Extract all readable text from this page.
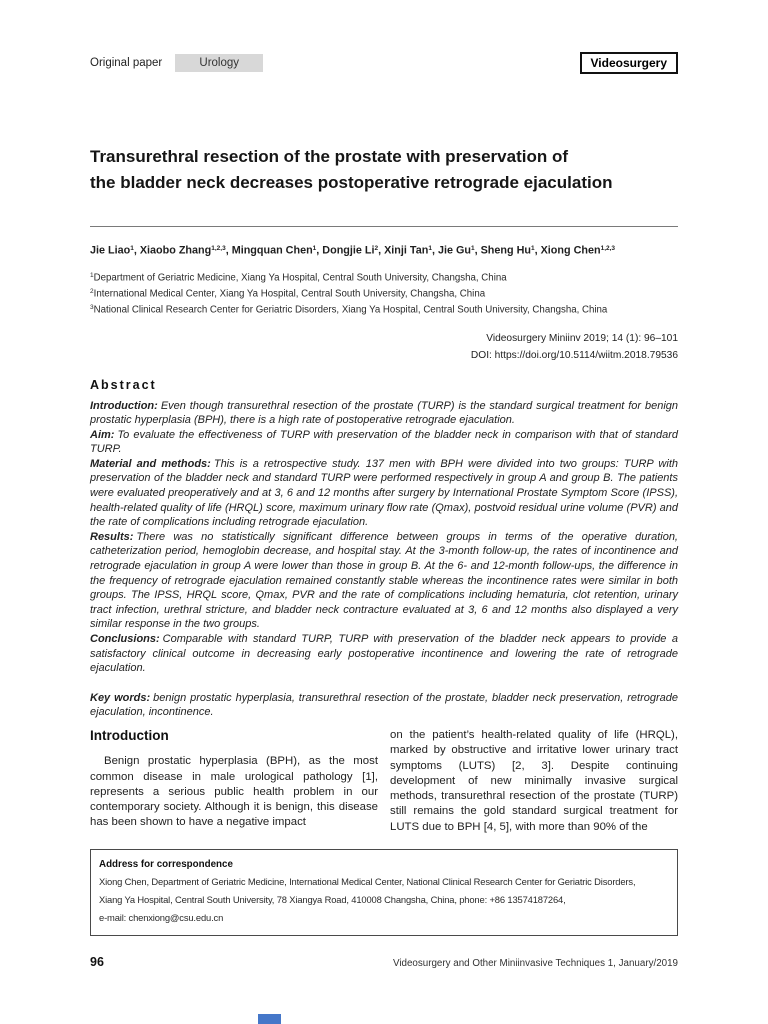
Original paper	Urology	Videosurgery
Transurethral resection of the prostate with preservation of
the bladder neck decreases postoperative retrograde ejaculation
Jie Liao$^1$, Xiaobo Zhang$^{1,2,3}$, Mingquan Chen$^1$, Dongjie Li$^2$, Xinji Tan$^1$, Jie Gu$^1$, Sheng Hu$^1$, Xiong Chen$^{1,2,3}$
$^1$Department of Geriatric Medicine, Xiang Ya Hospital, Central South University, Changsha, China
$^2$International Medical Center, Xiang Ya Hospital, Central South University, Changsha, China
$^3$National Clinical Research Center for Geriatric Disorders, Xiang Ya Hospital, Central South University, Changsha, China
Videosurgery Miniinv 2019; 14 (1): 96–101
DOI: https://doi.org/10.5114/wiitm.2018.79536
Abstract

Introduction: Even though transurethral resection of the prostate (TURP) is the standard surgical treatment for benign prostatic hyperplasia (BPH), there is a high rate of postoperative retrograde ejaculation.

Aim: To evaluate the effectiveness of TURP with preservation of the bladder neck in comparison with that of standard TURP.

Material and methods: This is a retrospective study. 137 men with BPH were divided into two groups: TURP with preservation of the bladder neck and standard TURP were performed respectively in group A and group B. The patients were evaluated preoperatively and at 3, 6 and 12 months after surgery by International Prostate Symptom Score (IPSS), health-related quality of life (HRQL) score, maximum urinary flow rate (Qmax), postvoid residual urine volume (PVR) and the rate of complications including retrograde ejaculation.

Results: There was no statistically significant difference between groups in terms of the operative duration, catheterization period, hemoglobin decrease, and hospital stay. At the 3-month follow-up, the rates of incontinence and retrograde ejaculation in group A were lower than those in group B. At the 6- and 12-month follow-ups, the difference in the frequency of retrograde ejaculation remained constantly stable whereas the incontinence rates were similar in both groups. The IPSS, HRQL score, Qmax, PVR and the rate of complications including hematuria, clot retention, urinary tract infection, urethral stricture, and bladder neck contracture evaluated at 3, 6 and 12 months also displayed a very similar response in the two groups.

Conclusions: Comparable with standard TURP, TURP with preservation of the bladder neck appears to provide a satisfactory clinical outcome in decreasing early postoperative incontinence and lowering the rate of retrograde ejaculation.

Key words: benign prostatic hyperplasia, transurethral resection of the prostate, bladder neck preservation, retrograde ejaculation, incontinence.

Introduction

Benign prostatic hyperplasia (BPH), as the most common disease in male urological pathology [1], represents a serious public health problem in our contemporary society. Although it is benign, this disease has been shown to have a negative impact

on the patient’s health-related quality of life (HRQL), marked by obstructive and irritative lower urinary tract symptoms (LUTS) [2, 3]. Despite continuing development of new minimally invasive surgical methods, transurethral resection of the prostate (TURP) still remains the gold standard surgical treatment for LUTS due to BPH [4, 5], with more than 90% of the

Address for correspondence
Xiong Chen, Department of Geriatric Medicine, International Medical Center, National Clinical Research Center for Geriatric Disorders,
Xiang Ya Hospital, Central South University, 78 Xiangya Road, 410008 Changsha, China, phone: +86 13574187264,
e-mail: chenxiong@csu.edu.cn
96	Videosurgery and Other Miniinvasive Techniques 1, January/2019
